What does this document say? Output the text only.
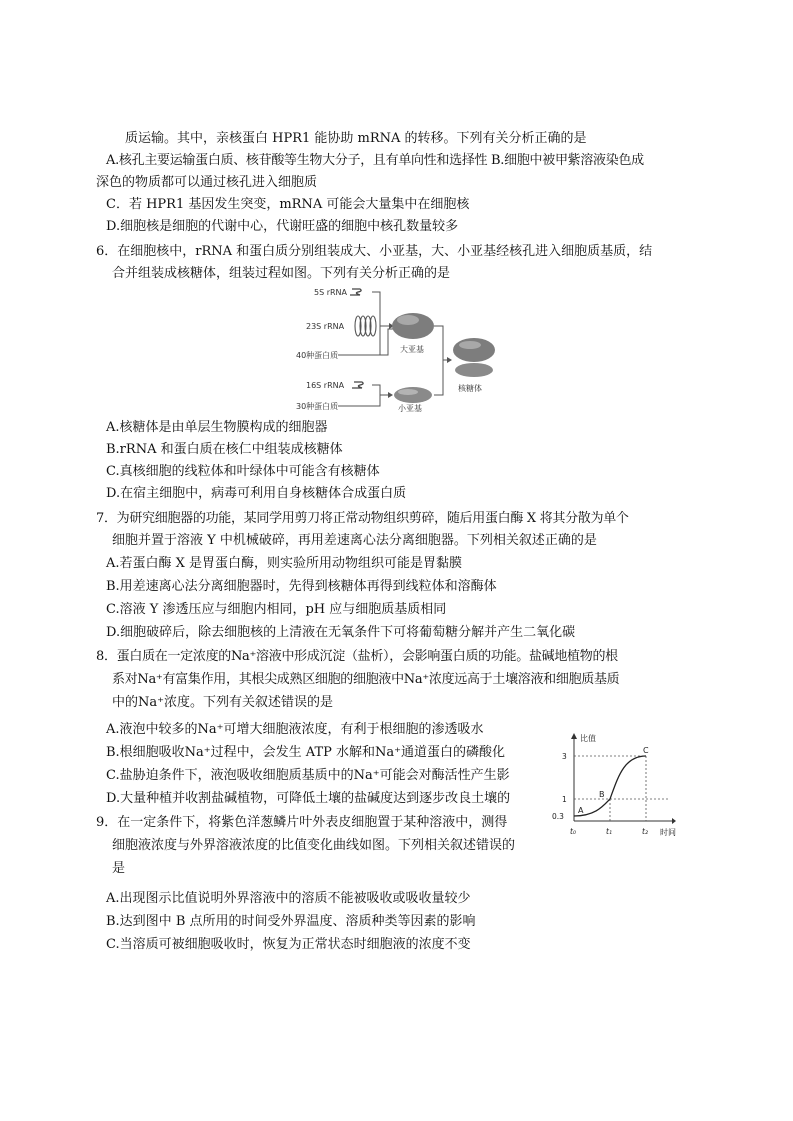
质运输。其中，亲核蛋白 HPR1 能协助 mRNA 的转移。下列有关分析正确的是
A.核孔主要运输蛋白质、核苷酸等生物大分子，且有单向性和选择性 B.细胞中被甲紫溶液染色成
深色的物质都可以通过核孔进入细胞质
C．若 HPR1 基因发生突变，mRNA 可能会大量集中在细胞核
D.细胞核是细胞的代谢中心，代谢旺盛的细胞中核孔数量较多
6．在细胞核中，rRNA 和蛋白质分别组装成大、小亚基，大、小亚基经核孔进入细胞质基质，结
合并组装成核糖体，组装过程如图。下列有关分析正确的是
5S rRNA
23S rRNA
40种蛋白质
大亚基
16S rRNA
30种蛋白质	小亚基
核糖体
A.核糖体是由单层生物膜构成的细胞器
B.rRNA 和蛋白质在核仁中组装成核糖体
C.真核细胞的线粒体和叶绿体中可能含有核糖体
D.在宿主细胞中，病毒可利用自身核糖体合成蛋白质
7．为研究细胞器的功能，某同学用剪刀将正常动物组织剪碎，随后用蛋白酶 X 将其分散为单个
细胞并置于溶液 Y 中机械破碎，再用差速离心法分离细胞器。下列相关叙述正确的是
A.若蛋白酶 X 是胃蛋白酶，则实验所用动物组织可能是胃黏膜
B.用差速离心法分离细胞器时，先得到核糖体再得到线粒体和溶酶体
C.溶液 Y 渗透压应与细胞内相同，pH 应与细胞质基质相同
D.细胞破碎后，除去细胞核的上清液在无氧条件下可将葡萄糖分解并产生二氧化碳
8．蛋白质在一定浓度的Na⁺溶液中形成沉淀（盐析），会影响蛋白质的功能。盐碱地植物的根
系对Na⁺有富集作用，其根尖成熟区细胞的细胞液中Na⁺浓度远高于土壤溶液和细胞质基质
中的Na⁺浓度。下列有关叙述错误的是
A.液泡中较多的Na⁺可增大细胞液浓度，有利于根细胞的渗透吸水
B.根细胞吸收Na⁺过程中，会发生 ATP 水解和Na⁺通道蛋白的磷酸化
C.盐胁迫条件下，液泡吸收细胞质基质中的Na⁺可能会对酶活性产生影
D.大量种植并收割盐碱植物，可降低土壤的盐碱度达到逐步改良土壤的
比值
时间
0.3
1
3
t₀	t₁	t₂
A
B
C
9．在一定条件下，将紫色洋葱鳞片叶外表皮细胞置于某种溶液中，测得
细胞液浓度与外界溶液浓度的比值变化曲线如图。下列相关叙述错误的
是
A.出现图示比值说明外界溶液中的溶质不能被吸收或吸收量较少
B.达到图中 B 点所用的时间受外界温度、溶质种类等因素的影响
C.当溶质可被细胞吸收时，恢复为正常状态时细胞液的浓度不变
